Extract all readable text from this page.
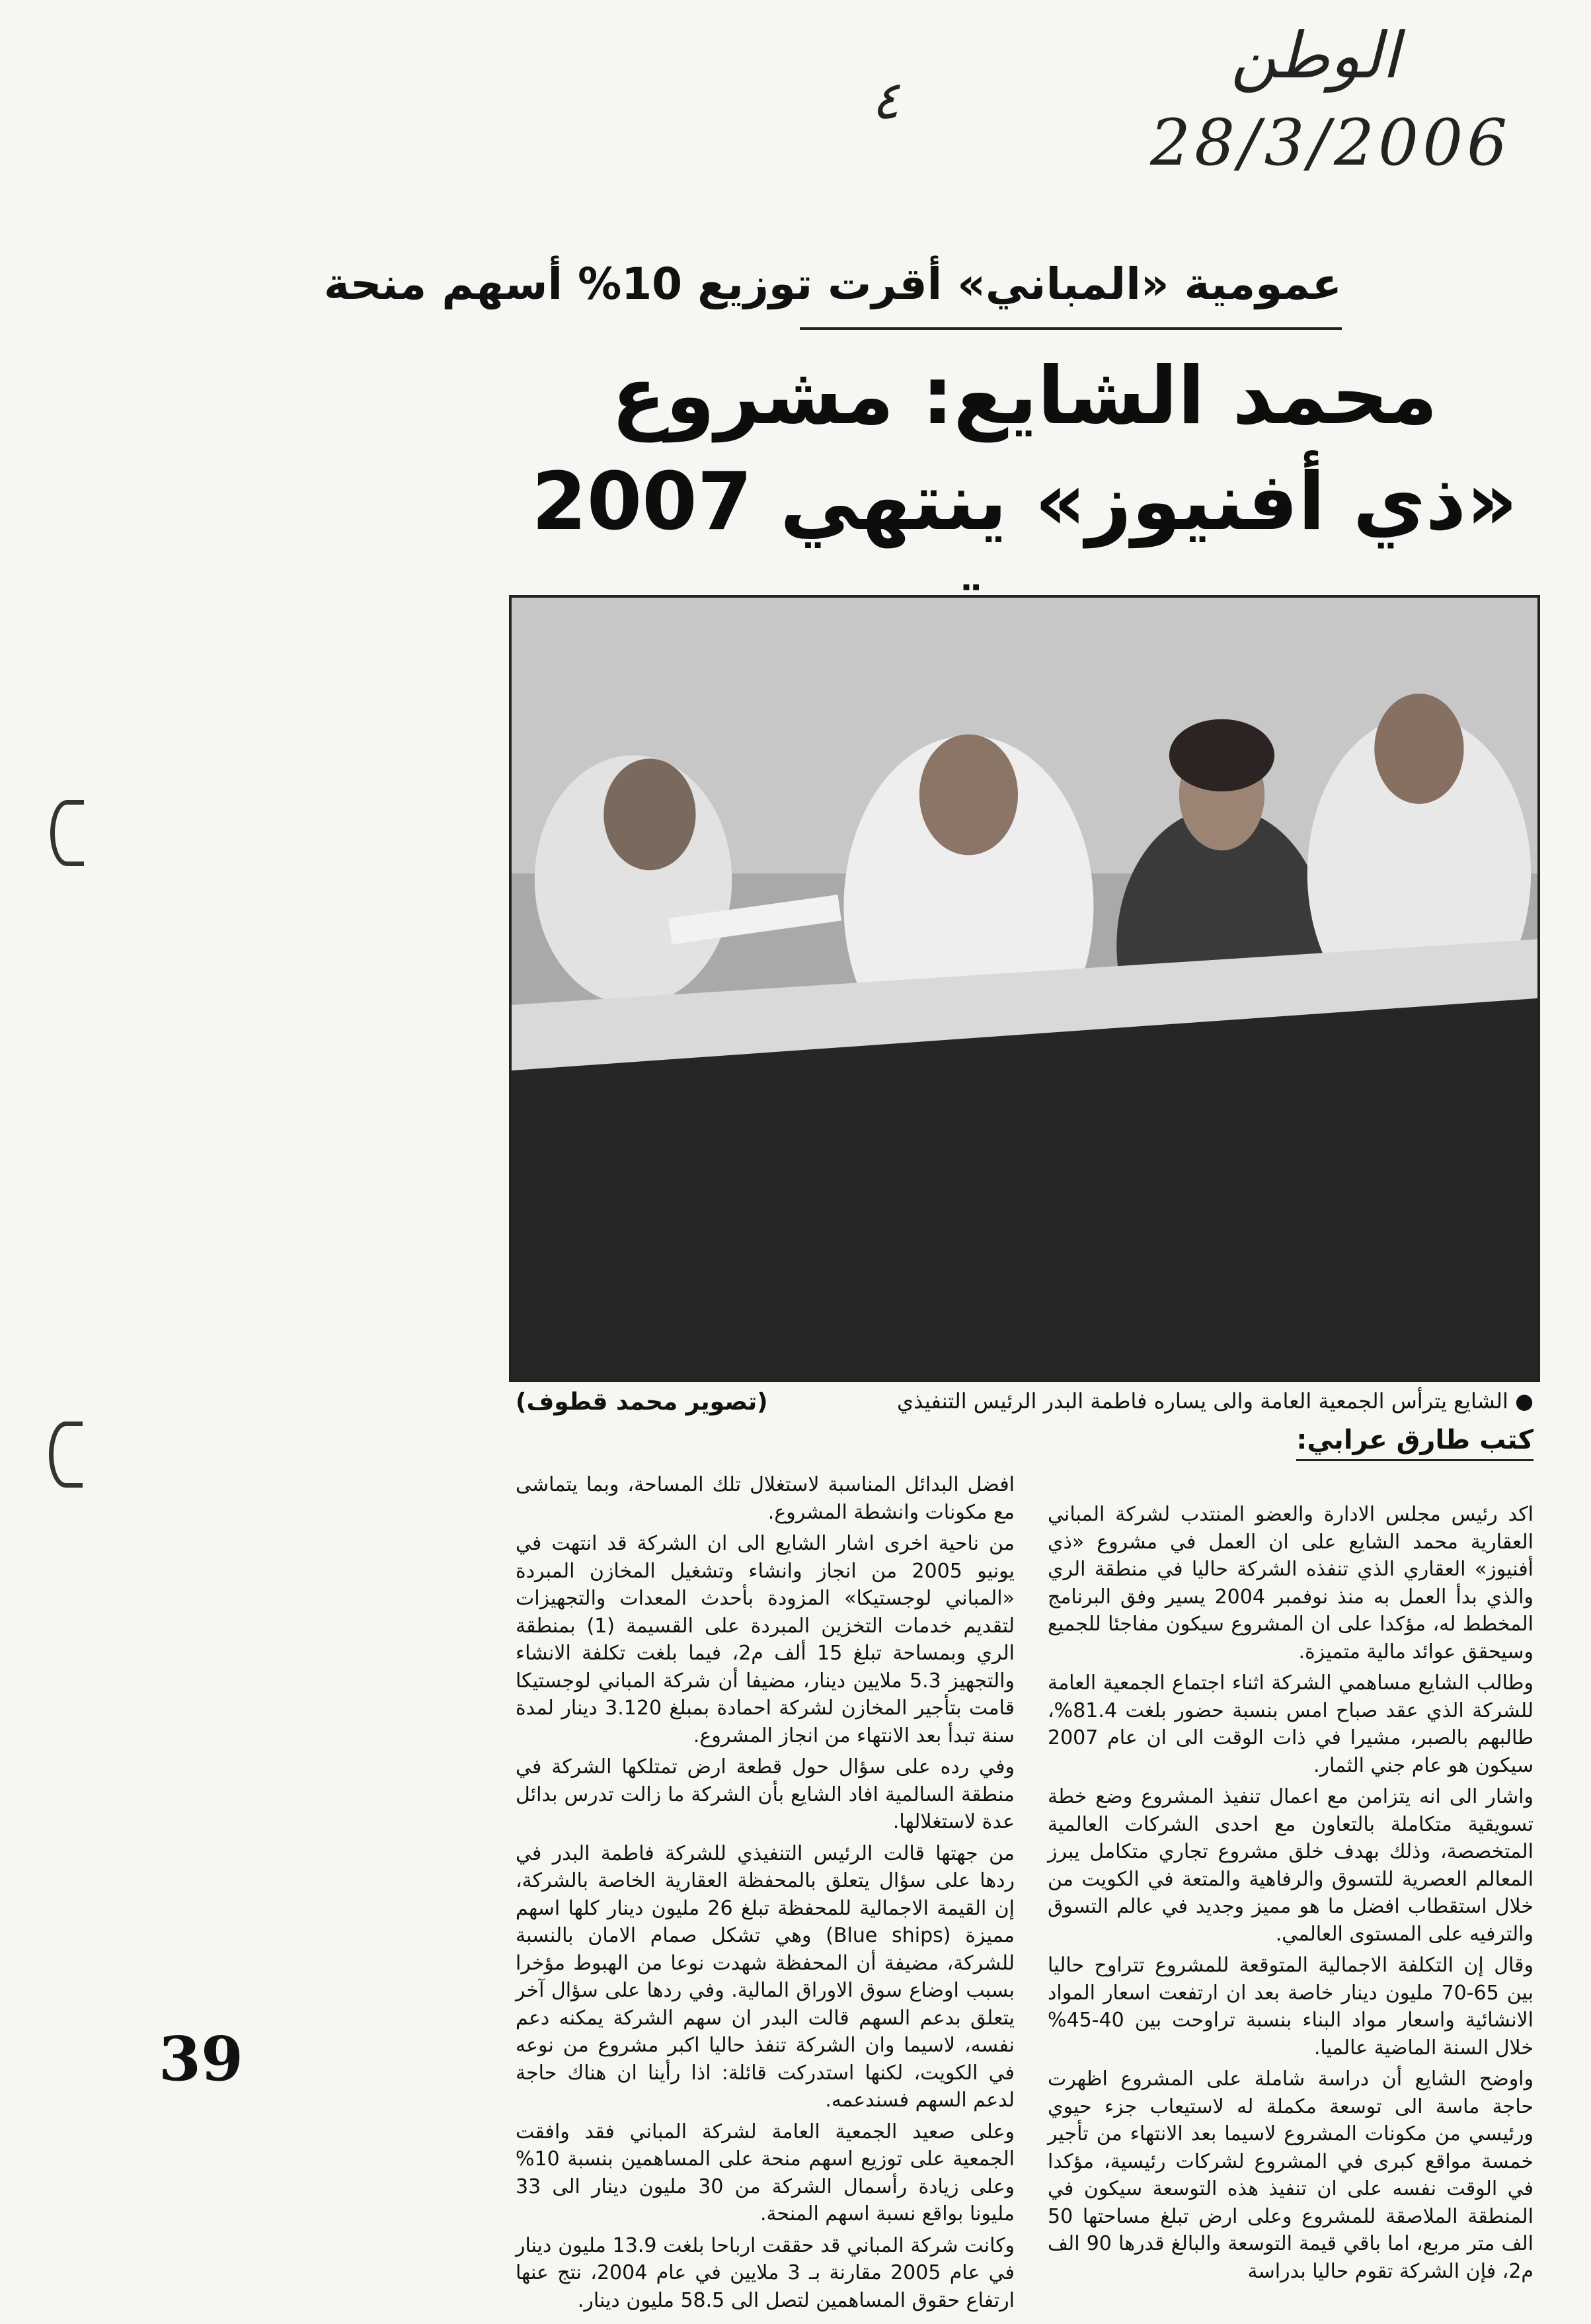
الوطن
٤
28/3/2006
عمومية «المباني» أقرت توزيع 10% أسهم منحة
محمد الشايع: مشروع «ذي أفنيوز» ينتهي 2007
● الشايع يترأس الجمعية العامة والى يساره فاطمة البدر الرئيس التنفيذي
(تصوير محمد قطوف)
كتب طارق عرابي:

اكد رئيس مجلس الادارة والعضو المنتدب لشركة المباني العقارية محمد الشايع على ان العمل في مشروع «ذي أفنيوز» العقاري الذي تنفذه الشركة حاليا في منطقة الري والذي بدأ العمل به منذ نوفمبر 2004 يسير وفق البرنامج المخطط له، مؤكدا على ان المشروع سيكون مفاجئا للجميع وسيحقق عوائد مالية متميزة.

وطالب الشايع مساهمي الشركة اثناء اجتماع الجمعية العامة للشركة الذي عقد صباح امس بنسبة حضور بلغت 81.4%، طالبهم بالصبر، مشيرا في ذات الوقت الى ان عام 2007 سيكون هو عام جني الثمار.

واشار الى انه يتزامن مع اعمال تنفيذ المشروع وضع خطة تسويقية متكاملة بالتعاون مع احدى الشركات العالمية المتخصصة، وذلك بهدف خلق مشروع تجاري متكامل يبرز المعالم العصرية للتسوق والرفاهية والمتعة في الكويت من خلال استقطاب افضل ما هو مميز وجديد في عالم التسوق والترفيه على المستوى العالمي.

وقال إن التكلفة الاجمالية المتوقعة للمشروع تتراوح حاليا بين 65-70 مليون دينار خاصة بعد ان ارتفعت اسعار المواد الانشائية واسعار مواد البناء بنسبة تراوحت بين 40-45% خلال السنة الماضية عالميا.

واوضح الشايع أن دراسة شاملة على المشروع اظهرت حاجة ماسة الى توسعة مكملة له لاستيعاب جزء حيوي ورئيسي من مكونات المشروع لاسيما بعد الانتهاء من تأجير خمسة مواقع كبرى في المشروع لشركات رئيسية، مؤكدا في الوقت نفسه على ان تنفيذ هذه التوسعة سيكون في المنطقة الملاصقة للمشروع وعلى ارض تبلغ مساحتها 50 الف متر مربع، اما باقي قيمة التوسعة والبالغ قدرها 90 الف م2، فإن الشركة تقوم حاليا بدراسة

افضل البدائل المناسبة لاستغلال تلك المساحة، وبما يتماشى مع مكونات وانشطة المشروع.

من ناحية اخرى اشار الشايع الى ان الشركة قد انتهت في يونيو 2005 من انجاز وانشاء وتشغيل المخازن المبردة «المباني لوجستيكا» المزودة بأحدث المعدات والتجهيزات لتقديم خدمات التخزين المبردة على القسيمة (1) بمنطقة الري وبمساحة تبلغ 15 ألف م2، فيما بلغت تكلفة الانشاء والتجهيز 5.3 ملايين دينار، مضيفا أن شركة المباني لوجستيكا قامت بتأجير المخازن لشركة احمادة بمبلغ 3.120 دينار لمدة سنة تبدأ بعد الانتهاء من انجاز المشروع.

وفي رده على سؤال حول قطعة ارض تمتلكها الشركة في منطقة السالمية افاد الشايع بأن الشركة ما زالت تدرس بدائل عدة لاستغلالها.

من جهتها قالت الرئيس التنفيذي للشركة فاطمة البدر في ردها على سؤال يتعلق بالمحفظة العقارية الخاصة بالشركة، إن القيمة الاجمالية للمحفظة تبلغ 26 مليون دينار كلها اسهم مميزة (Blue ships) وهي تشكل صمام الامان بالنسبة للشركة، مضيفة أن المحفظة شهدت نوعا من الهبوط مؤخرا بسبب اوضاع سوق الاوراق المالية. وفي ردها على سؤال آخر يتعلق بدعم السهم قالت البدر ان سهم الشركة يمكنه دعم نفسه، لاسيما وان الشركة تنفذ حاليا اكبر مشروع من نوعه في الكويت، لكنها استدركت قائلة: اذا رأينا ان هناك حاجة لدعم السهم فسندعمه.

وعلى صعيد الجمعية العامة لشركة المباني فقد وافقت الجمعية على توزيع اسهم منحة على المساهمين بنسبة 10% وعلى زيادة رأسمال الشركة من 30 مليون دينار الى 33 مليونا بواقع نسبة اسهم المنحة.

وكانت شركة المباني قد حققت ارباحا بلغت 13.9 مليون دينار في عام 2005 مقارنة بـ 3 ملايين في عام 2004، نتج عنها ارتفاع حقوق المساهمين لتصل الى 58.5 مليون دينار.

39
